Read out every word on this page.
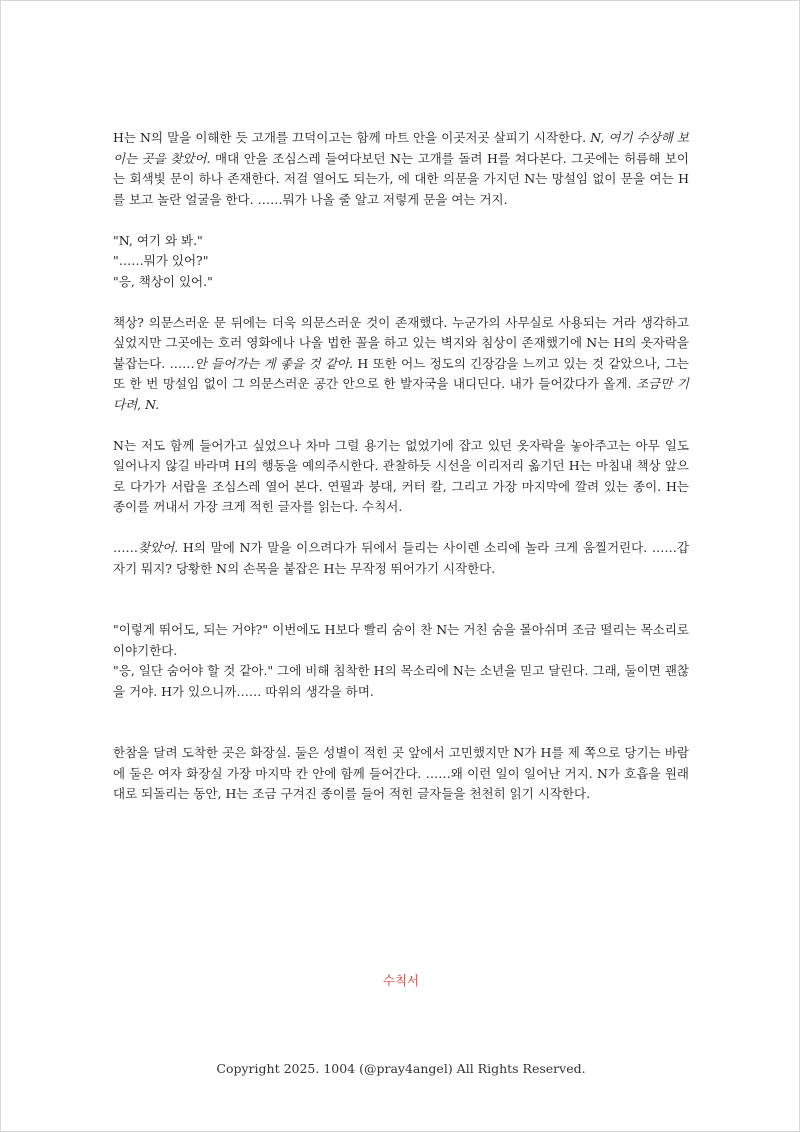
H는 N의 말을 이해한 듯 고개를 끄덕이고는 함께 마트 안을 이곳저곳 살피기 시작한다. N, 여기 수상해 보이는 곳을 찾았어. 매대 안을 조심스레 들여다보던 N는 고개를 돌려 H를 쳐다본다. 그곳에는 허름해 보이는 회색빛 문이 하나 존재한다. 저걸 열어도 되는가, 에 대한 의문을 가지던 N는 망설임 없이 문을 여는 H를 보고 놀란 얼굴을 한다. ……뭐가 나올 줄 알고 저렇게 문을 여는 거지.

"N, 여기 와 봐."

"……뭐가 있어?"

"응, 책상이 있어."

책상? 의문스러운 문 뒤에는 더욱 의문스러운 것이 존재했다. 누군가의 사무실로 사용되는 거라 생각하고 싶었지만 그곳에는 호러 영화에나 나올 법한 꼴을 하고 있는 벽지와 침상이 존재했기에 N는 H의 옷자락을 붙잡는다. ……안 들어가는 게 좋을 것 같아. H 또한 어느 정도의 긴장감을 느끼고 있는 것 같았으나, 그는 또 한 번 망설임 없이 그 의문스러운 공간 안으로 한 발자국을 내디딘다. 내가 들어갔다가 올게. 조금만 기다려, N.

N는 저도 함께 들어가고 싶었으나 차마 그럴 용기는 없었기에 잡고 있던 옷자락을 놓아주고는 아무 일도 일어나지 않길 바라며 H의 행동을 예의주시한다. 관찰하듯 시선을 이리저리 옮기던 H는 마침내 책상 앞으로 다가가 서랍을 조심스레 열어 본다. 연필과 붕대, 커터 칼, 그리고 가장 마지막에 깔려 있는 종이. H는 종이를 꺼내서 가장 크게 적힌 글자를 읽는다. 수칙서.

……찾았어. H의 말에 N가 말을 이으려다가 뒤에서 들리는 사이렌 소리에 놀라 크게 움찔거린다. ……갑자기 뭐지? 당황한 N의 손목을 붙잡은 H는 무작정 뛰어가기 시작한다.

"이렇게 뛰어도, 되는 거야?" 이번에도 H보다 빨리 숨이 찬 N는 거친 숨을 몰아쉬며 조금 떨리는 목소리로 이야기한다.

"응, 일단 숨어야 할 것 같아." 그에 비해 침착한 H의 목소리에 N는 소년을 믿고 달린다. 그래, 둘이면 괜찮을 거야. H가 있으니까…… 따위의 생각을 하며.

한참을 달려 도착한 곳은 화장실. 둘은 성별이 적힌 곳 앞에서 고민했지만 N가 H를 제 쪽으로 당기는 바람에 둘은 여자 화장실 가장 마지막 칸 안에 함께 들어간다. ……왜 이런 일이 일어난 거지. N가 호흡을 원래대로 되돌리는 동안, H는 조금 구겨진 종이를 들어 적힌 글자들을 천천히 읽기 시작한다.

수칙서
Copyright 2025. 1004 (@pray4angel) All Rights Reserved.
